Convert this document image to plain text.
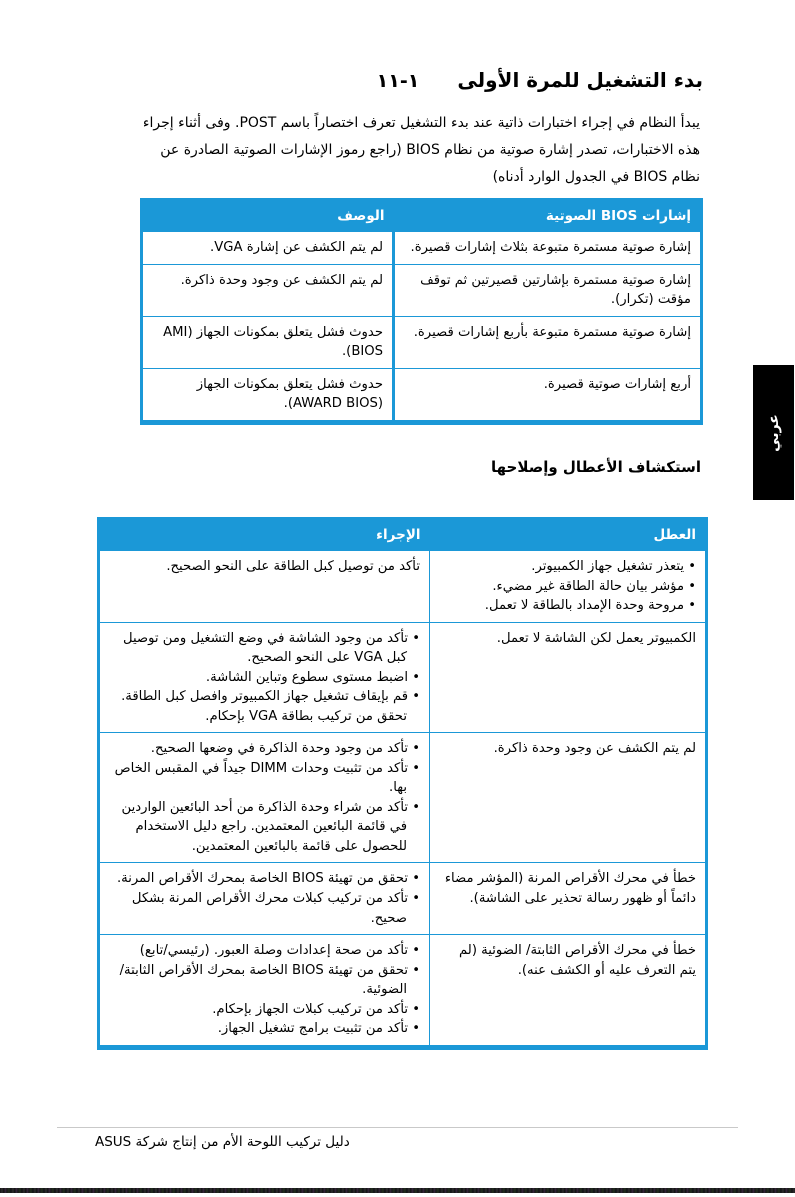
١-١١ بدء التشغيل للمرة الأولى
يبدأ النظام في إجراء اختبارات ذاتية عند بدء التشغيل تعرف اختصاراً باسم POST. وفى أثناء إجراء
هذه الاختبارات، تصدر إشارة صوتية من نظام BIOS (راجع رموز الإشارات الصوتية الصادرة عن
نظام BIOS في الجدول الوارد أدناه)
إشارات BIOS الصوتية	الوصف
إشارة صوتية مستمرة متبوعة بثلاث إشارات قصيرة.	لم يتم الكشف عن إشارة VGA.
إشارة صوتية مستمرة بإشارتين قصيرتين ثم توقف مؤقت (تكرار).	لم يتم الكشف عن وجود وحدة ذاكرة.
إشارة صوتية مستمرة متبوعة بأربع إشارات قصيرة.	حدوث فشل يتعلق بمكونات الجهاز (AMI BIOS).
أربع إشارات صوتية قصيرة.	حدوث فشل يتعلق بمكونات الجهاز (AWARD BIOS).
استكشاف الأعطال وإصلاحها
العطل	الإجراء

• يتعذر تشغيل جهاز الكمبيوتر.
• مؤشر بيان حالة الطاقة غير مضيء.
• مروحة وحدة الإمداد بالطاقة لا تعمل.	تأكد من توصيل كبل الطاقة على النحو الصحيح.

الكمبيوتر يعمل لكن الشاشة لا تعمل.	• تأكد من وجود الشاشة في وضع التشغيل ومن توصيل كبل VGA على النحو الصحيح.
• اضبط مستوى سطوع وتباين الشاشة.
• قم بإيقاف تشغيل جهاز الكمبيوتر وافصل كبل الطاقة. تحقق من تركيب بطاقة VGA بإحكام.

لم يتم الكشف عن وجود وحدة ذاكرة.	• تأكد من وجود وحدة الذاكرة في وضعها الصحيح.
• تأكد من تثبيت وحدات DIMM جيداً في المقبس الخاص بها.
• تأكد من شراء وحدة الذاكرة من أحد البائعين الواردين في قائمة البائعين المعتمدين. راجع دليل الاستخدام للحصول على قائمة بالبائعين المعتمدين.

خطأ في محرك الأقراص المرنة (المؤشر مضاء دائماً أو ظهور رسالة تحذير على الشاشة).	• تحقق من تهيئة BIOS الخاصة بمحرك الأقراص المرنة.
• تأكد من تركيب كبلات محرك الأقراص المرنة بشكل صحيح.

خطأ في محرك الأقراص الثابتة/ الضوئية (لم يتم التعرف عليه أو الكشف عنه).	• تأكد من صحة إعدادات وصلة العبور. (رئيسي/تابع)
• تحقق من تهيئة BIOS الخاصة بمحرك الأقراص الثابتة/ الضوئية.
• تأكد من تركيب كبلات الجهاز بإحكام.
• تأكد من تثبيت برامج تشغيل الجهاز.
عربي
دليل تركيب اللوحة الأم من إنتاج شركة ASUS
